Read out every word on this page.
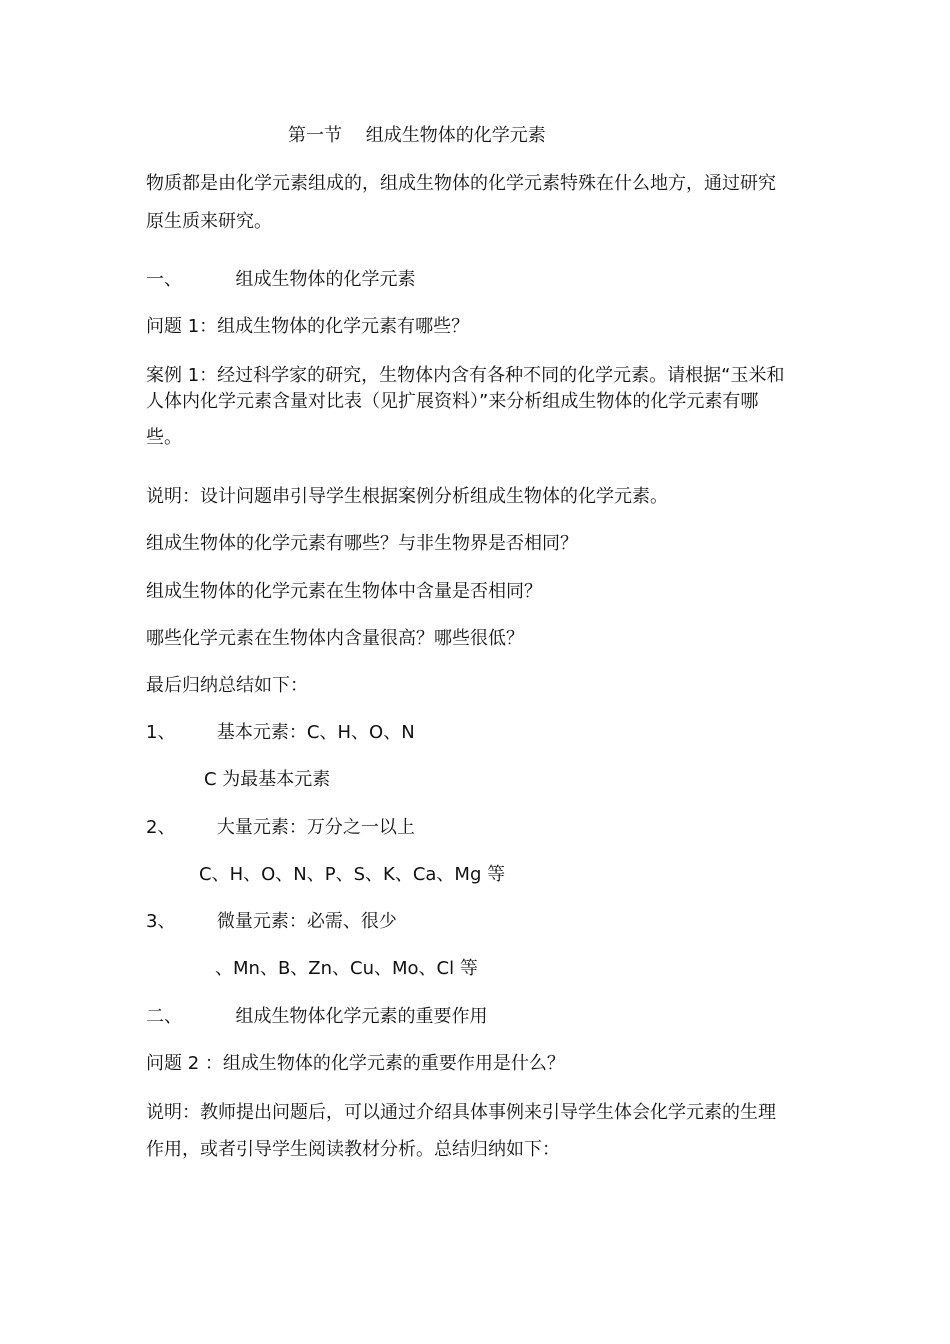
第一节　 组成生物体的化学元素
物质都是由化学元素组成的，组成生物体的化学元素特殊在什么地方，通过研究
原生质来研究。
一、	组成生物体的化学元素
问题 1：组成生物体的化学元素有哪些？
案例 1：经过科学家的研究，生物体内含有各种不同的化学元素。请根据“玉米和
人体内化学元素含量对比表（见扩展资料）”来分析组成生物体的化学元素有哪
些。
说明：设计问题串引导学生根据案例分析组成生物体的化学元素。
组成生物体的化学元素有哪些？与非生物界是否相同？
组成生物体的化学元素在生物体中含量是否相同？
哪些化学元素在生物体内含量很高？哪些很低？
最后归纳总结如下：
1、 基本元素：C、H、O、N
C 为最基本元素
2、 大量元素：万分之一以上
C、H、O、N、P、S、K、Ca、Mg 等
3、 微量元素：必需、很少
、Mn、B、Zn、Cu、Mo、Cl 等
二、	组成生物体化学元素的重要作用
问题 2 ：组成生物体的化学元素的重要作用是什么？
说明：教师提出问题后，可以通过介绍具体事例来引导学生体会化学元素的生理
作用，或者引导学生阅读教材分析。总结归纳如下：
